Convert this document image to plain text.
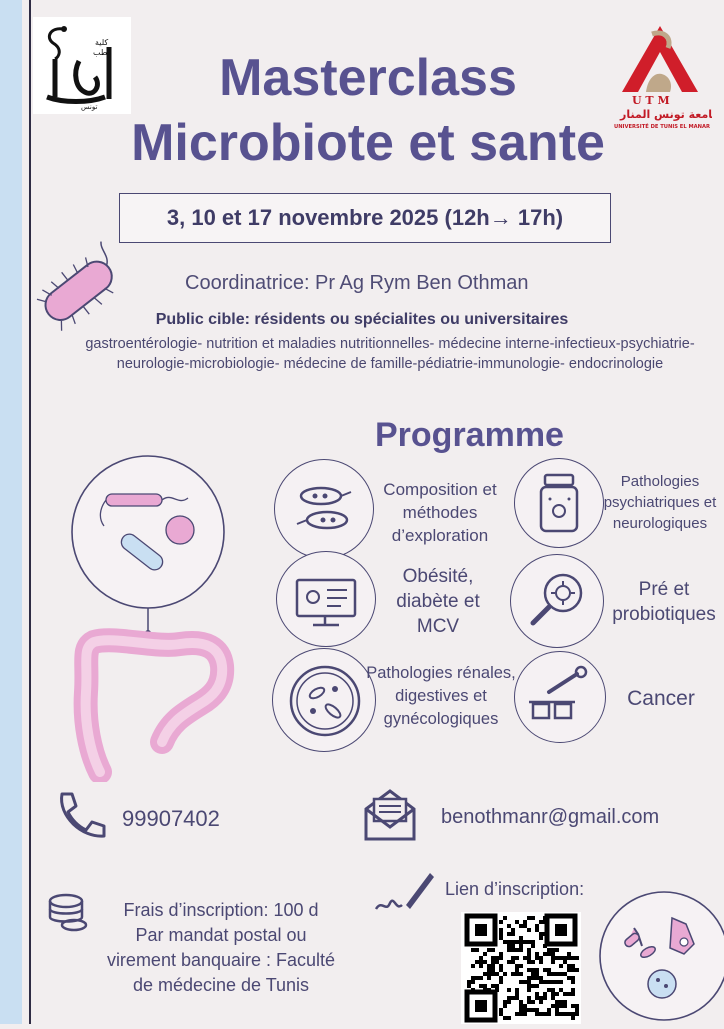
كلية
الطب
تونس	U T M
جامعة تونس المنار
UNIVERSITÉ DE TUNIS EL MANAR
Masterclass
Microbiote et sante
3, 10 et 17 novembre 2025 (12h→ 17h)
Coordinatrice: Pr Ag Rym Ben Othman
Public cible: résidents ou spécialites ou universitaires
gastroentérologie- nutrition et maladies nutritionnelles- médecine interne-infectieux-psychiatrie-neurologie-microbiologie- médecine de famille-pédiatrie-immunologie- endocrinologie
Programme
Composition et méthodes d’exploration
Pathologies psychiatriques et neurologiques
Obésité, diabète et MCV
Pré et probiotiques
Pathologies rénales, digestives et gynécologiques
Cancer
99907402	benothmanr@gmail.com
Lien d’inscription:
Frais d’inscription: 100 d
Par mandat postal ou
virement banquaire : Faculté
de médecine de Tunis
